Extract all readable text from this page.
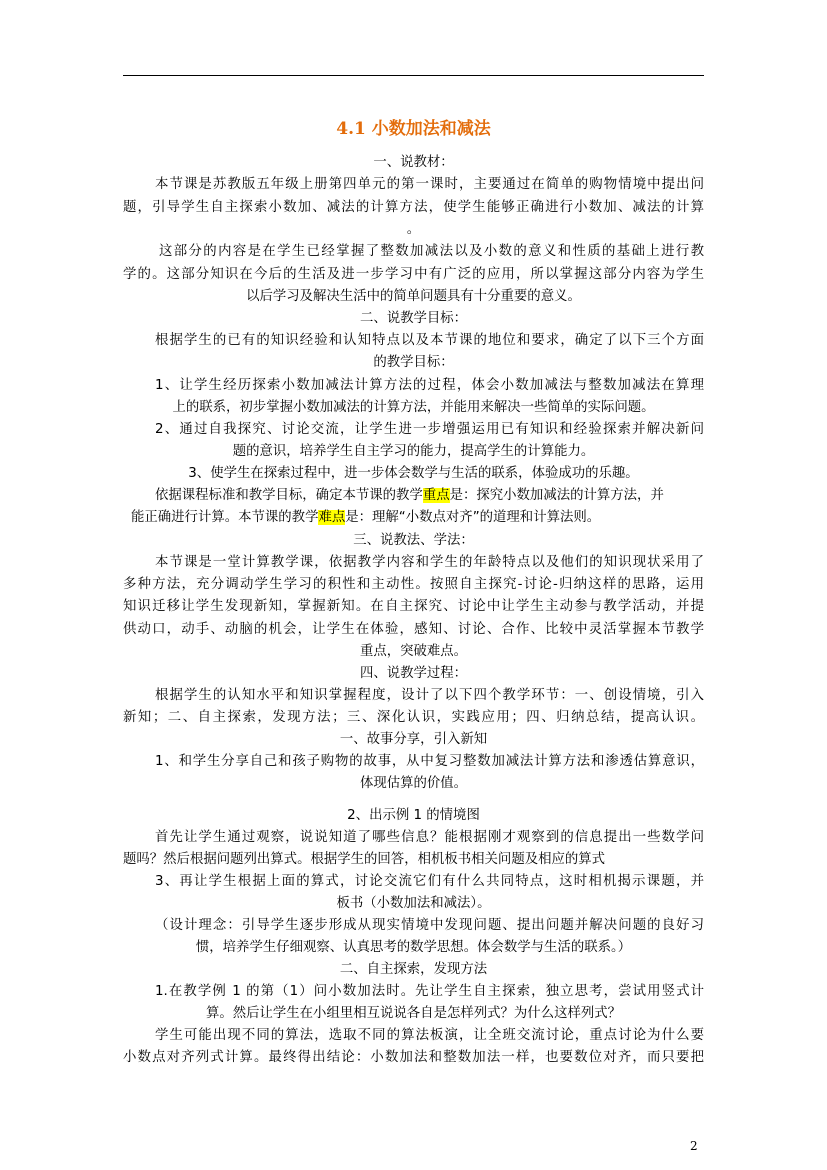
4.1 小数加法和减法
一、说教材：
本节课是苏教版五年级上册第四单元的第一课时，主要通过在简单的购物情境中提出问
题，引导学生自主探索小数加、减法的计算方法，使学生能够正确进行小数加、减法的计算
。
这部分的内容是在学生已经掌握了整数加减法以及小数的意义和性质的基础上进行教
学的。这部分知识在今后的生活及进一步学习中有广泛的应用，所以掌握这部分内容为学生
以后学习及解决生活中的简单问题具有十分重要的意义。
二、说教学目标：
根据学生的已有的知识经验和认知特点以及本节课的地位和要求，确定了以下三个方面
的教学目标：
1、让学生经历探索小数加减法计算方法的过程，体会小数加减法与整数加减法在算理
上的联系，初步掌握小数加减法的计算方法，并能用来解决一些简单的实际问题。
2、通过自我探究、讨论交流，让学生进一步增强运用已有知识和经验探索并解决新问
题的意识，培养学生自主学习的能力，提高学生的计算能力。
3、使学生在探索过程中，进一步体会数学与生活的联系，体验成功的乐趣。
依据课程标准和教学目标，确定本节课的教学重点是：探究小数加减法的计算方法，并
能正确进行计算。本节课的教学难点是：理解“小数点对齐”的道理和计算法则。
三、说教法、学法：
本节课是一堂计算教学课，依据教学内容和学生的年龄特点以及他们的知识现状采用了
多种方法，充分调动学生学习的积性和主动性。按照自主探究-讨论-归纳这样的思路，运用
知识迁移让学生发现新知，掌握新知。在自主探究、讨论中让学生主动参与教学活动，并提
供动口，动手、动脑的机会，让学生在体验，感知、讨论、合作、比较中灵活掌握本节教学
重点，突破难点。
四、说教学过程：
根据学生的认知水平和知识掌握程度，设计了以下四个教学环节：一、创设情境，引入
新知；二、自主探索，发现方法；三、深化认识，实践应用；四、归纳总结，提高认识。
一、故事分享，引入新知
1、和学生分享自己和孩子购物的故事，从中复习整数加减法计算方法和渗透估算意识，
体现估算的价值。
2、出示例 1 的情境图
首先让学生通过观察，说说知道了哪些信息？能根据刚才观察到的信息提出一些数学问
题吗？然后根据问题列出算式。根据学生的回答，相机板书相关问题及相应的算式
3、再让学生根据上面的算式，讨论交流它们有什么共同特点，这时相机揭示课题，并
板书（小数加法和减法）。
（设计理念：引导学生逐步形成从现实情境中发现问题、提出问题并解决问题的良好习
惯，培养学生仔细观察、认真思考的数学思想。体会数学与生活的联系。）
二、自主探索，发现方法
1.在教学例 1 的第（1）问小数加法时。先让学生自主探索，独立思考，尝试用竖式计
算。然后让学生在小组里相互说说各自是怎样列式？为什么这样列式？
学生可能出现不同的算法，选取不同的算法板演，让全班交流讨论，重点讨论为什么要
小数点对齐列式计算。最终得出结论：小数加法和整数加法一样，也要数位对齐，而只要把
2
